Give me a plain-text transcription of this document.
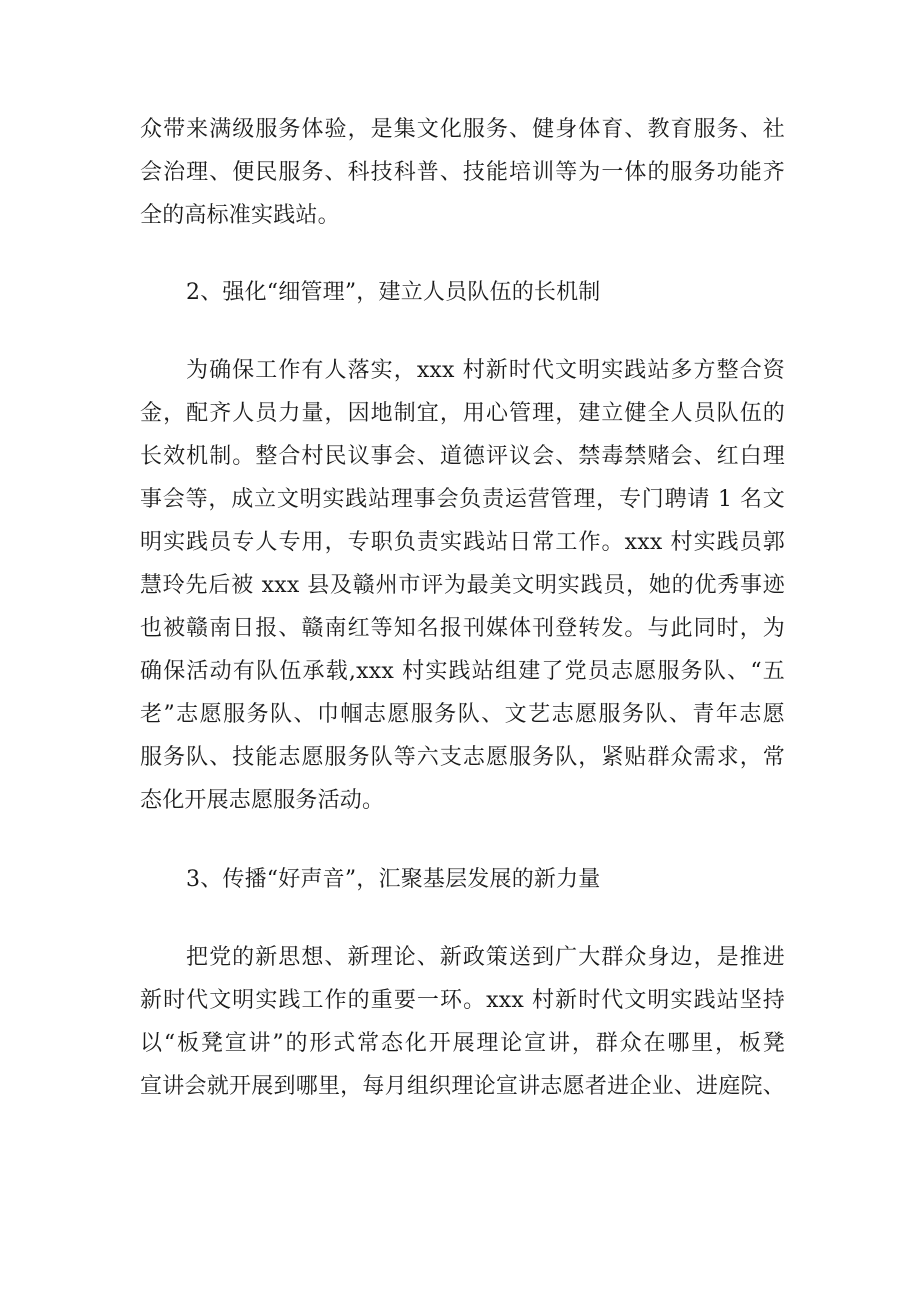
众带来满级服务体验，是集文化服务、健身体育、教育服务、社
会治理、便民服务、科技科普、技能培训等为一体的服务功能齐
全的高标准实践站。
2、强化“细管理”，建立人员队伍的长机制
为确保工作有人落实，xxx 村新时代文明实践站多方整合资
金，配齐人员力量，因地制宜，用心管理，建立健全人员队伍的
长效机制。整合村民议事会、道德评议会、禁毒禁赌会、红白理
事会等，成立文明实践站理事会负责运营管理，专门聘请 1 名文
明实践员专人专用，专职负责实践站日常工作。xxx 村实践员郭
慧玲先后被 xxx 县及赣州市评为最美文明实践员，她的优秀事迹
也被赣南日报、赣南红等知名报刊媒体刊登转发。与此同时，为
确保活动有队伍承载,xxx 村实践站组建了党员志愿服务队、“五
老”志愿服务队、巾帼志愿服务队、文艺志愿服务队、青年志愿
服务队、技能志愿服务队等六支志愿服务队，紧贴群众需求，常
态化开展志愿服务活动。
3、传播“好声音”，汇聚基层发展的新力量
把党的新思想、新理论、新政策送到广大群众身边，是推进
新时代文明实践工作的重要一环。xxx 村新时代文明实践站坚持
以“板凳宣讲”的形式常态化开展理论宣讲，群众在哪里，板凳
宣讲会就开展到哪里，每月组织理论宣讲志愿者进企业、进庭院、
